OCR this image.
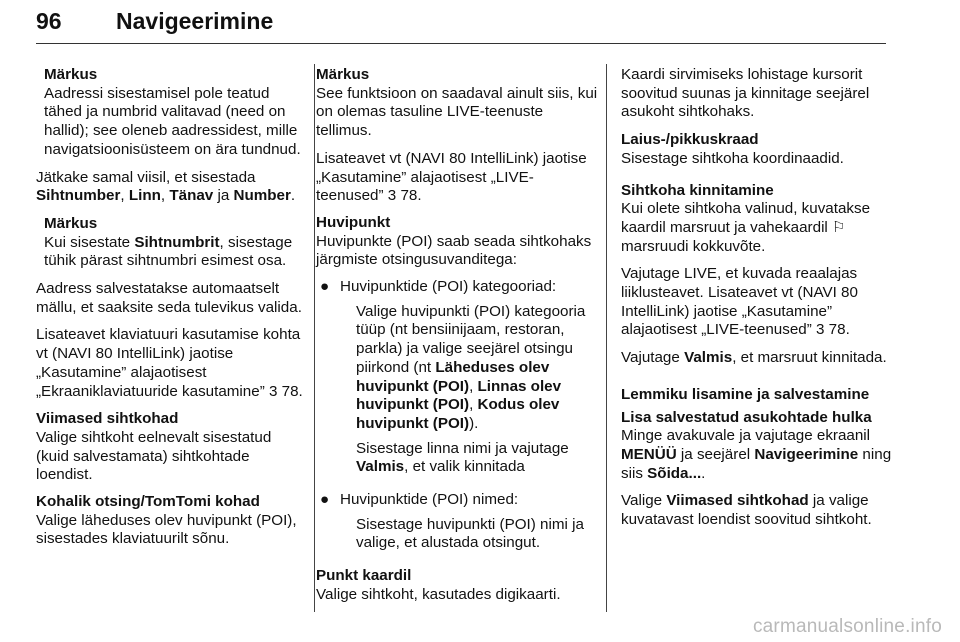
96 Navigeerimine
Märkus
Aadressi sisestamisel pole teatud tähed ja numbrid valitavad (need on hallid); see oleneb aadressidest, mille navigatsioonisüsteem on ära tundnud.

Jätkake samal viisil, et sisestada Sihtnumber, Linn, Tänav ja Number.

Märkus
Kui sisestate Sihtnumbrit, sisestage tühik pärast sihtnumbri esimest osa.

Aadress salvestatakse automaatselt mällu, et saaksite seda tulevikus valida.

Lisateavet klaviatuuri kasutamise kohta vt (NAVI 80 IntelliLink) jaotise „Kasutamine” alajaotisest „Ekraaniklaviatuuride kasutamine” 3 78.

Viimased sihtkohad
Valige sihtkoht eelnevalt sisestatud (kuid salvestamata) sihtkohtade loendist.

Kohalik otsing/TomTomi kohad
Valige läheduses olev huvipunkt (POI), sisestades klaviatuurilt sõnu.

Märkus
See funktsioon on saadaval ainult siis, kui on olemas tasuline LIVE-teenuste tellimus.

Lisateavet vt (NAVI 80 IntelliLink) jaotise „Kasutamine” alajaotisest „LIVE-teenused” 3 78.

Huvipunkt
Huvipunkte (POI) saab seada sihtkohaks järgmiste otsingusuvanditega:

● Huvipunktide (POI) kategooriad:

Valige huvipunkti (POI) kategooria tüüp (nt bensiinijaam, restoran, parkla) ja valige seejärel otsingu piirkond (nt Läheduses olev huvipunkt (POI), Linnas olev huvipunkt (POI), Kodus olev huvipunkt (POI)).

Sisestage linna nimi ja vajutage Valmis, et valik kinnitada

● Huvipunktide (POI) nimed:

Sisestage huvipunkti (POI) nimi ja valige, et alustada otsingut.

Punkt kaardil
Valige sihtkoht, kasutades digikaarti.

Kaardi sirvimiseks lohistage kursorit soovitud suunas ja kinnitage seejärel asukoht sihtkohaks.

Laius-/pikkuskraad
Sisestage sihtkoha koordinaadid.

Sihtkoha kinnitamine
Kui olete sihtkoha valinud, kuvatakse kaardil marsruut ja vahekaardil ⚐ marsruudi kokkuvõte.

Vajutage LIVE, et kuvada reaalajas liiklusteavet. Lisateavet vt (NAVI 80 IntelliLink) jaotise „Kasutamine” alajaotisest „LIVE-teenused” 3 78.

Vajutage Valmis, et marsruut kinnitada.

Lemmiku lisamine ja salvestamine

Lisa salvestatud asukohtade hulka
Minge avakuvale ja vajutage ekraanil MENÜÜ ja seejärel Navigeerimine ning siis Sõida....

Valige Viimased sihtkohad ja valige kuvatavast loendist soovitud sihtkoht.

carmanualsonline.info
